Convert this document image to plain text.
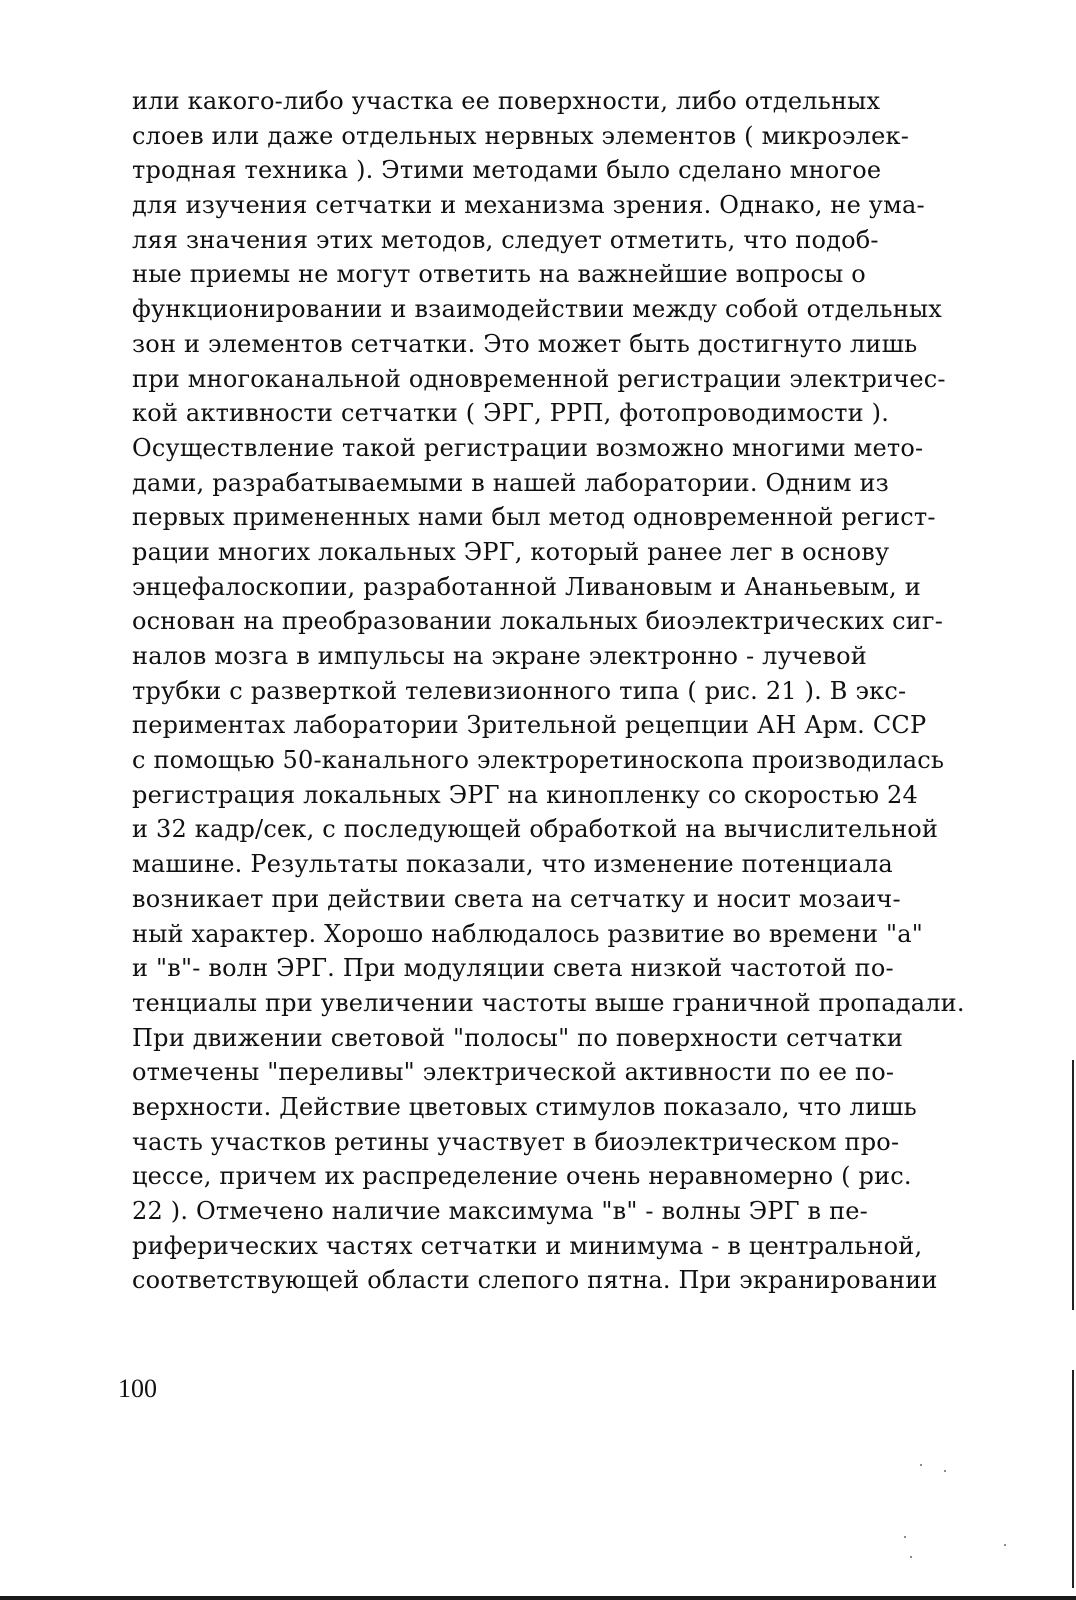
или какого-либо участка ее поверхности, либо отдельных
слоев или даже отдельных нервных элементов ( микроэлек-
тродная техника ). Этими методами было сделано многое
для изучения сетчатки и механизма зрения. Однако, не ума-
ляя значения этих методов, следует отметить, что подоб-
ные приемы не могут ответить на важнейшие вопросы о
функционировании и взаимодействии между собой отдельных
зон и элементов сетчатки. Это может быть достигнуто лишь
при многоканальной одновременной регистрации электричес-
кой активности сетчатки ( ЭРГ, РРП, фотопроводимости ).
Осуществление такой регистрации возможно многими мето-
дами, разрабатываемыми в нашей лаборатории. Одним из
первых примененных нами был метод одновременной регист-
рации многих локальных ЭРГ, который ранее лег в основу
энцефалоскопии, разработанной Ливановым и Ананьевым, и
основан на преобразовании локальных биоэлектрических сиг-
налов мозга в импульсы на экране электронно - лучевой
трубки с разверткой телевизионного типа ( рис. 21 ). В экс-
периментах лаборатории Зрительной рецепции АН Арм. ССР
с помощью 50-канального электроретиноскопа производилась
регистрация локальных ЭРГ на кинопленку со скоростью 24
и 32 кадр/сек, с последующей обработкой на вычислительной
машине. Результаты показали, что изменение потенциала
возникает при действии света на сетчатку и носит мозаич-
ный характер. Хорошо наблюдалось развитие во времени "а"
и "в"- волн ЭРГ. При модуляции света низкой частотой по-
тенциалы при увеличении частоты выше граничной пропадали.
При движении световой "полосы" по поверхности сетчатки
отмечены "переливы" электрической активности по ее по-
верхности. Действие цветовых стимулов показало, что лишь
часть участков ретины участвует в биоэлектрическом про-
цессе, причем их распределение очень неравномерно ( рис.
22 ). Отмечено наличие максимума "в" - волны ЭРГ в пе-
риферических частях сетчатки и минимума - в центральной,
соответствующей области слепого пятна. При экранировании
100
